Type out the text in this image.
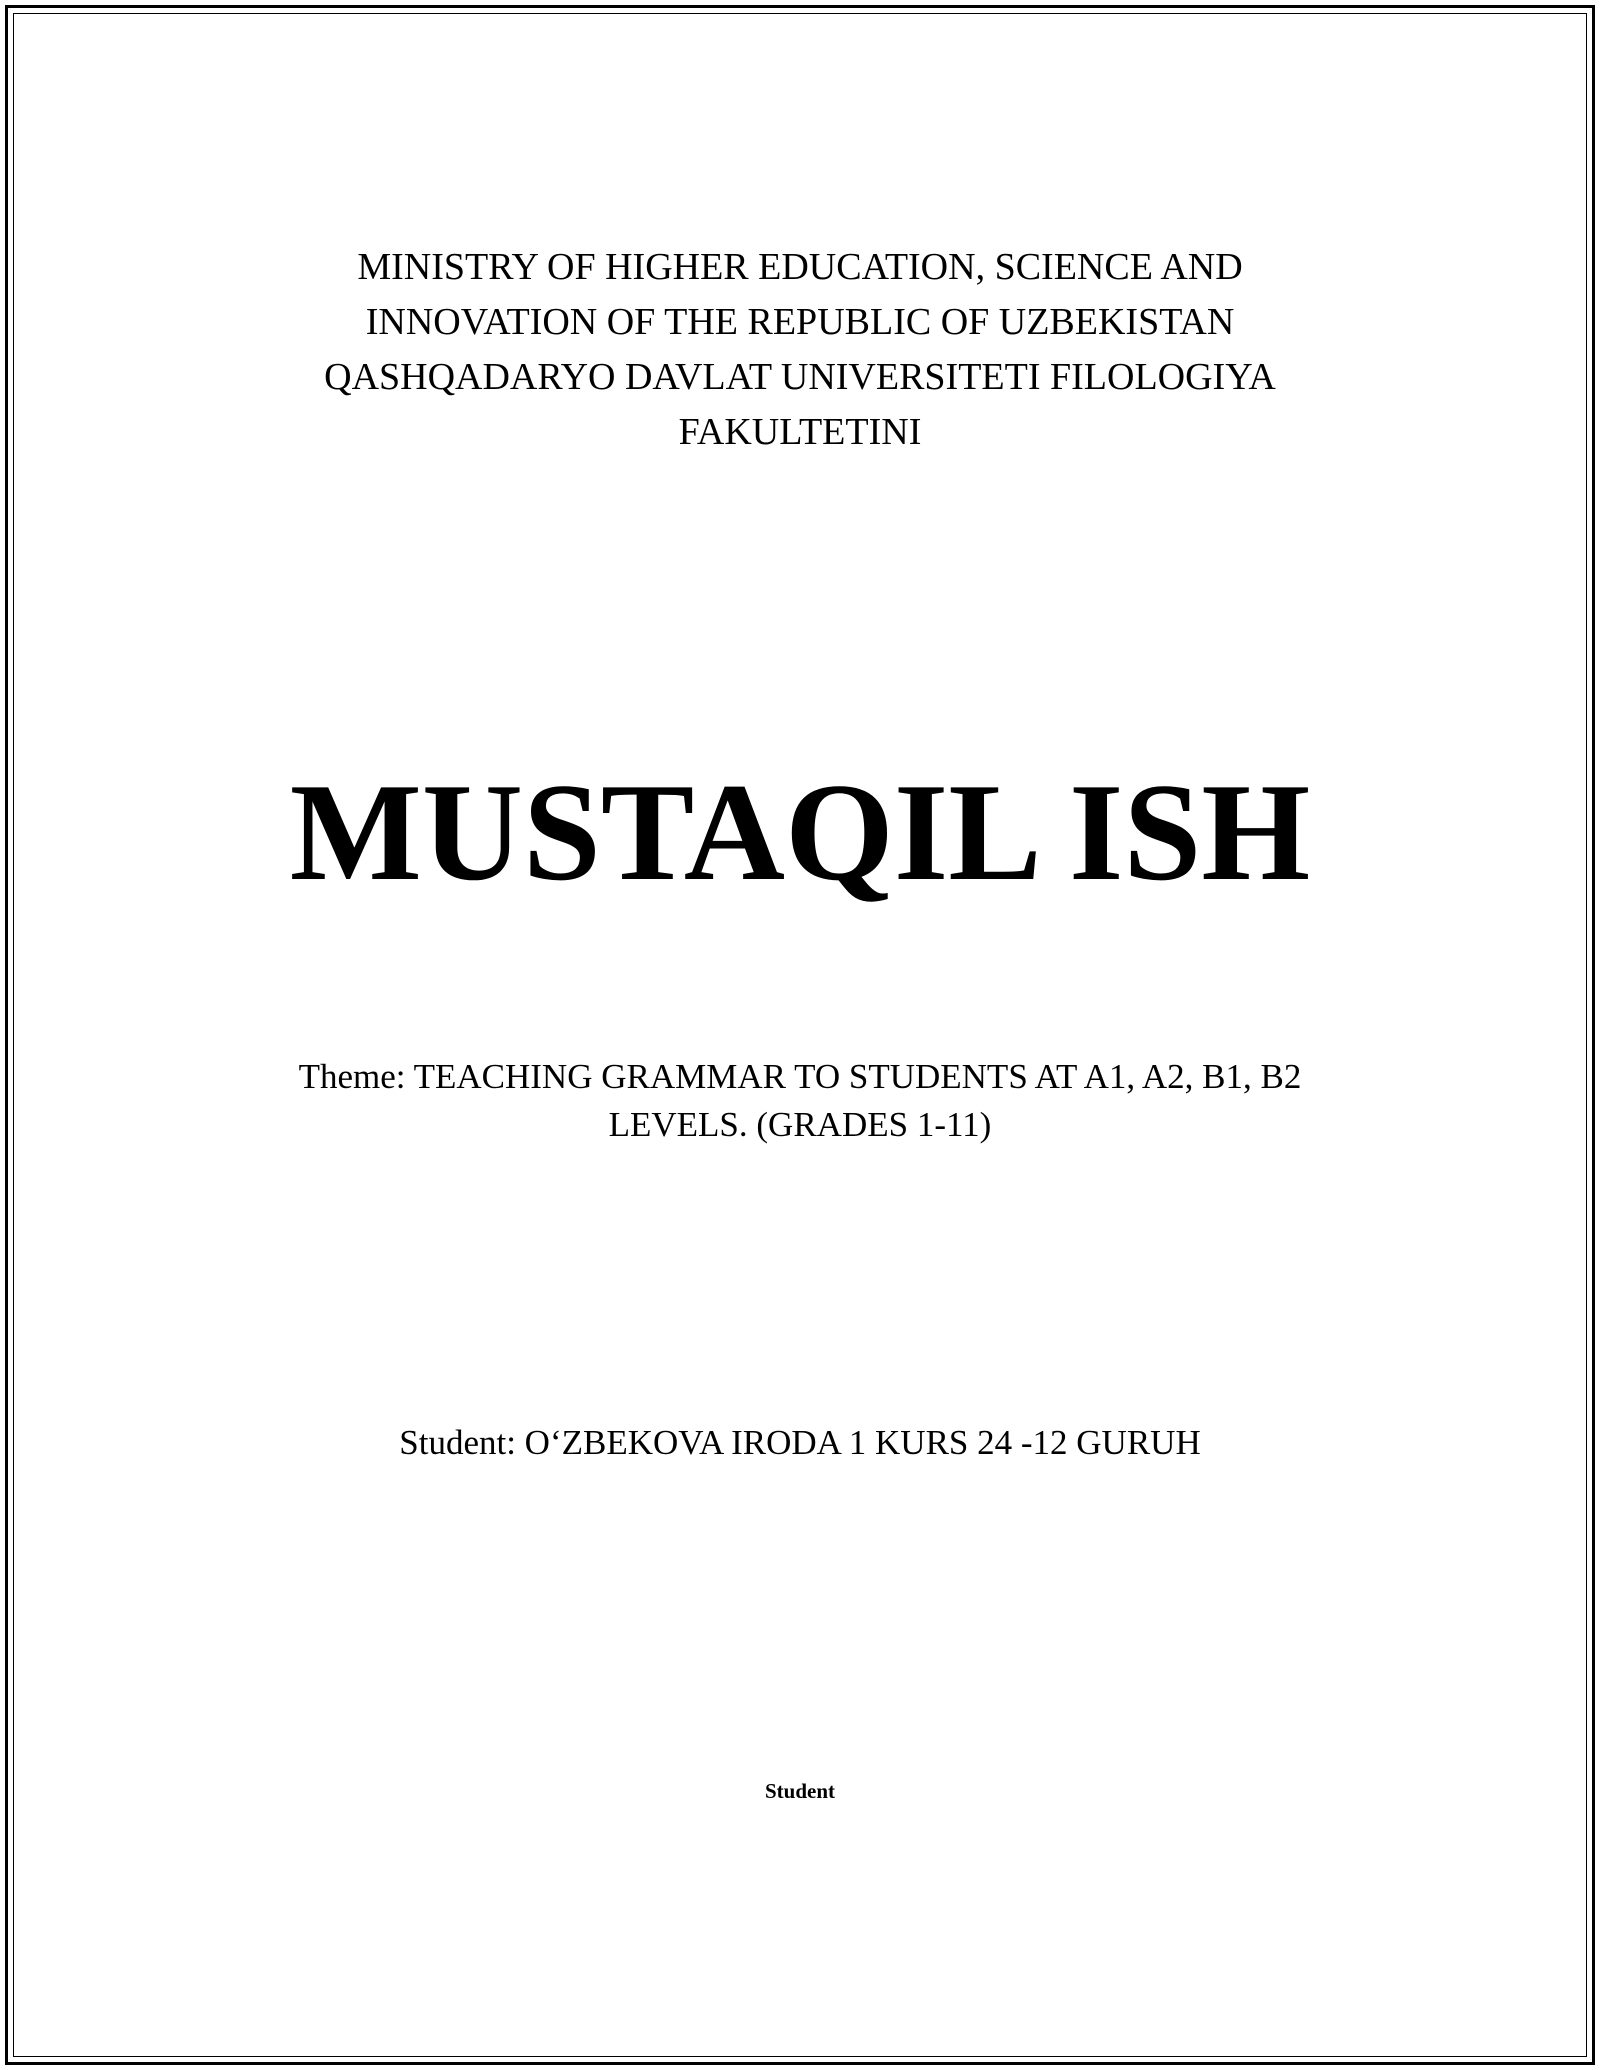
MINISTRY OF HIGHER EDUCATION, SCIENCE AND
INNOVATION OF THE REPUBLIC OF UZBEKISTAN
QASHQADARYO DAVLAT UNIVERSITETI FILOLOGIYA
FAKULTETINI
MUSTAQIL ISH
Theme: TEACHING GRAMMAR TO STUDENTS AT A1, A2, B1, B2
LEVELS. (GRADES 1-11)
Student: O‘ZBEKOVA IRODA 1 KURS 24 -12 GURUH
Student
